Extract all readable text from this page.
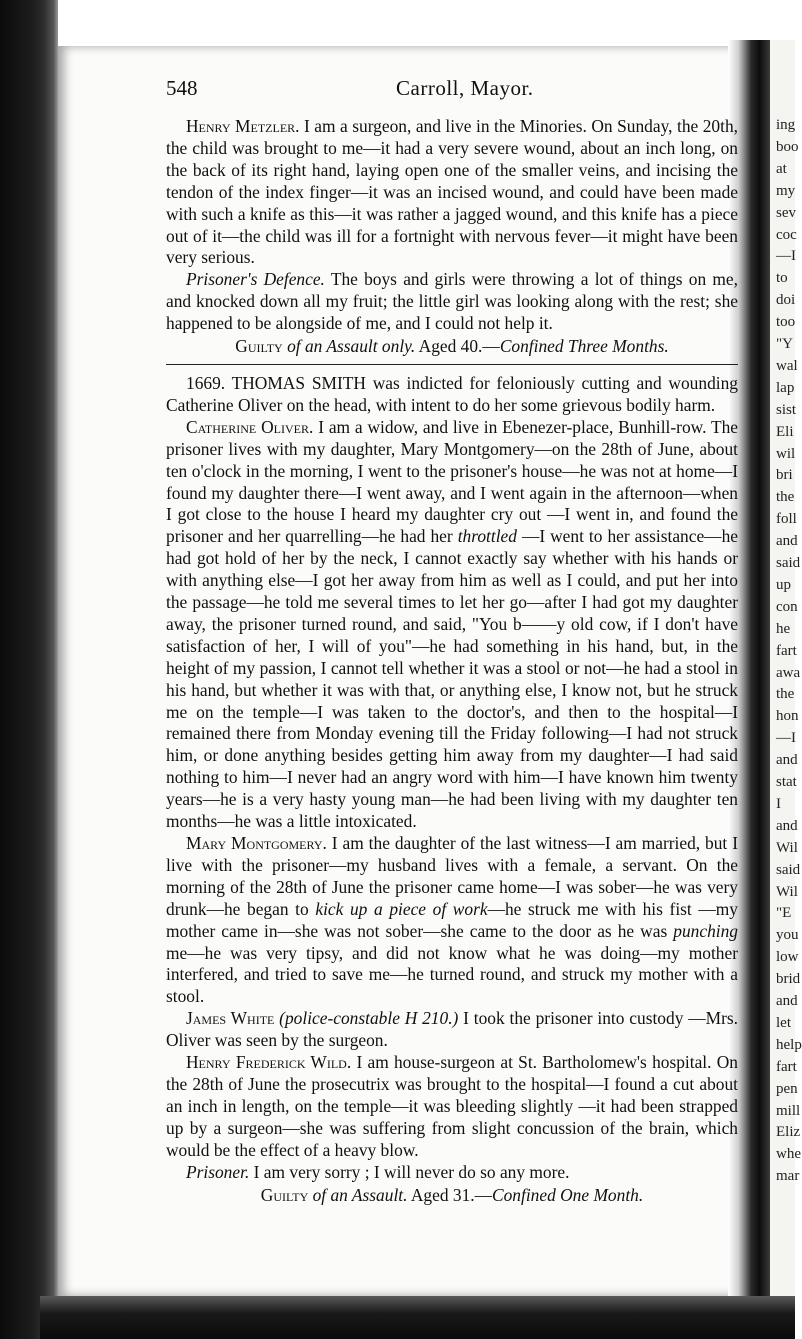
ing
boo
at
my
sev
coc
—I
to
doi
too
"Y
wal
lap
sist
Eli
wil
bri
the
foll
and
said
up
con
he
fart
awa
the
hon
—I
and
stat
I
and
Wil
said
Wil
"E
you
low
brid
and
let
help
fart
pen
mill
Eliz
whe
mar
548	Carroll, Mayor.

Henry Metzler. I am a surgeon, and live in the Minories. On Sunday, the 20th, the child was brought to me—it had a very severe wound, about an inch long, on the back of its right hand, laying open one of the smaller veins, and incising the tendon of the index finger—it was an incised wound, and could have been made with such a knife as this—it was rather a jagged wound, and this knife has a piece out of it—the child was ill for a fortnight with nervous fever—it might have been very serious.

Prisoner's Defence. The boys and girls were throwing a lot of things on me, and knocked down all my fruit; the little girl was looking along with the rest; she happened to be alongside of me, and I could not help it.

Guilty of an Assault only. Aged 40.—Confined Three Months.

1669. THOMAS SMITH was indicted for feloniously cutting and wounding Catherine Oliver on the head, with intent to do her some grievous bodily harm.

Catherine Oliver. I am a widow, and live in Ebenezer-place, Bunhill-row. The prisoner lives with my daughter, Mary Montgomery—on the 28th of June, about ten o'clock in the morning, I went to the prisoner's house—he was not at home—I found my daughter there—I went away, and I went again in the afternoon—when I got close to the house I heard my daughter cry out —I went in, and found the prisoner and her quarrelling—he had her throttled —I went to her assistance—he had got hold of her by the neck, I cannot exactly say whether with his hands or with anything else—I got her away from him as well as I could, and put her into the passage—he told me several times to let her go—after I had got my daughter away, the prisoner turned round, and said, "You b——y old cow, if I don't have satisfaction of her, I will of you"—he had something in his hand, but, in the height of my passion, I cannot tell whether it was a stool or not—he had a stool in his hand, but whether it was with that, or anything else, I know not, but he struck me on the temple—I was taken to the doctor's, and then to the hospital—I remained there from Monday evening till the Friday following—I had not struck him, or done anything besides getting him away from my daughter—I had said nothing to him—I never had an angry word with him—I have known him twenty years—he is a very hasty young man—he had been living with my daughter ten months—he was a little intoxicated.

Mary Montgomery. I am the daughter of the last witness—I am married, but I live with the prisoner—my husband lives with a female, a servant. On the morning of the 28th of June the prisoner came home—I was sober—he was very drunk—he began to kick up a piece of work—he struck me with his fist —my mother came in—she was not sober—she came to the door as he was punching me—he was very tipsy, and did not know what he was doing—my mother interfered, and tried to save me—he turned round, and struck my mother with a stool.

James White (police-constable H 210.) I took the prisoner into custody —Mrs. Oliver was seen by the surgeon.

Henry Frederick Wild. I am house-surgeon at St. Bartholomew's hospital. On the 28th of June the prosecutrix was brought to the hospital—I found a cut about an inch in length, on the temple—it was bleeding slightly —it had been strapped up by a surgeon—she was suffering from slight concussion of the brain, which would be the effect of a heavy blow.

Prisoner. I am very sorry ; I will never do so any more.

Guilty of an Assault. Aged 31.—Confined One Month.
